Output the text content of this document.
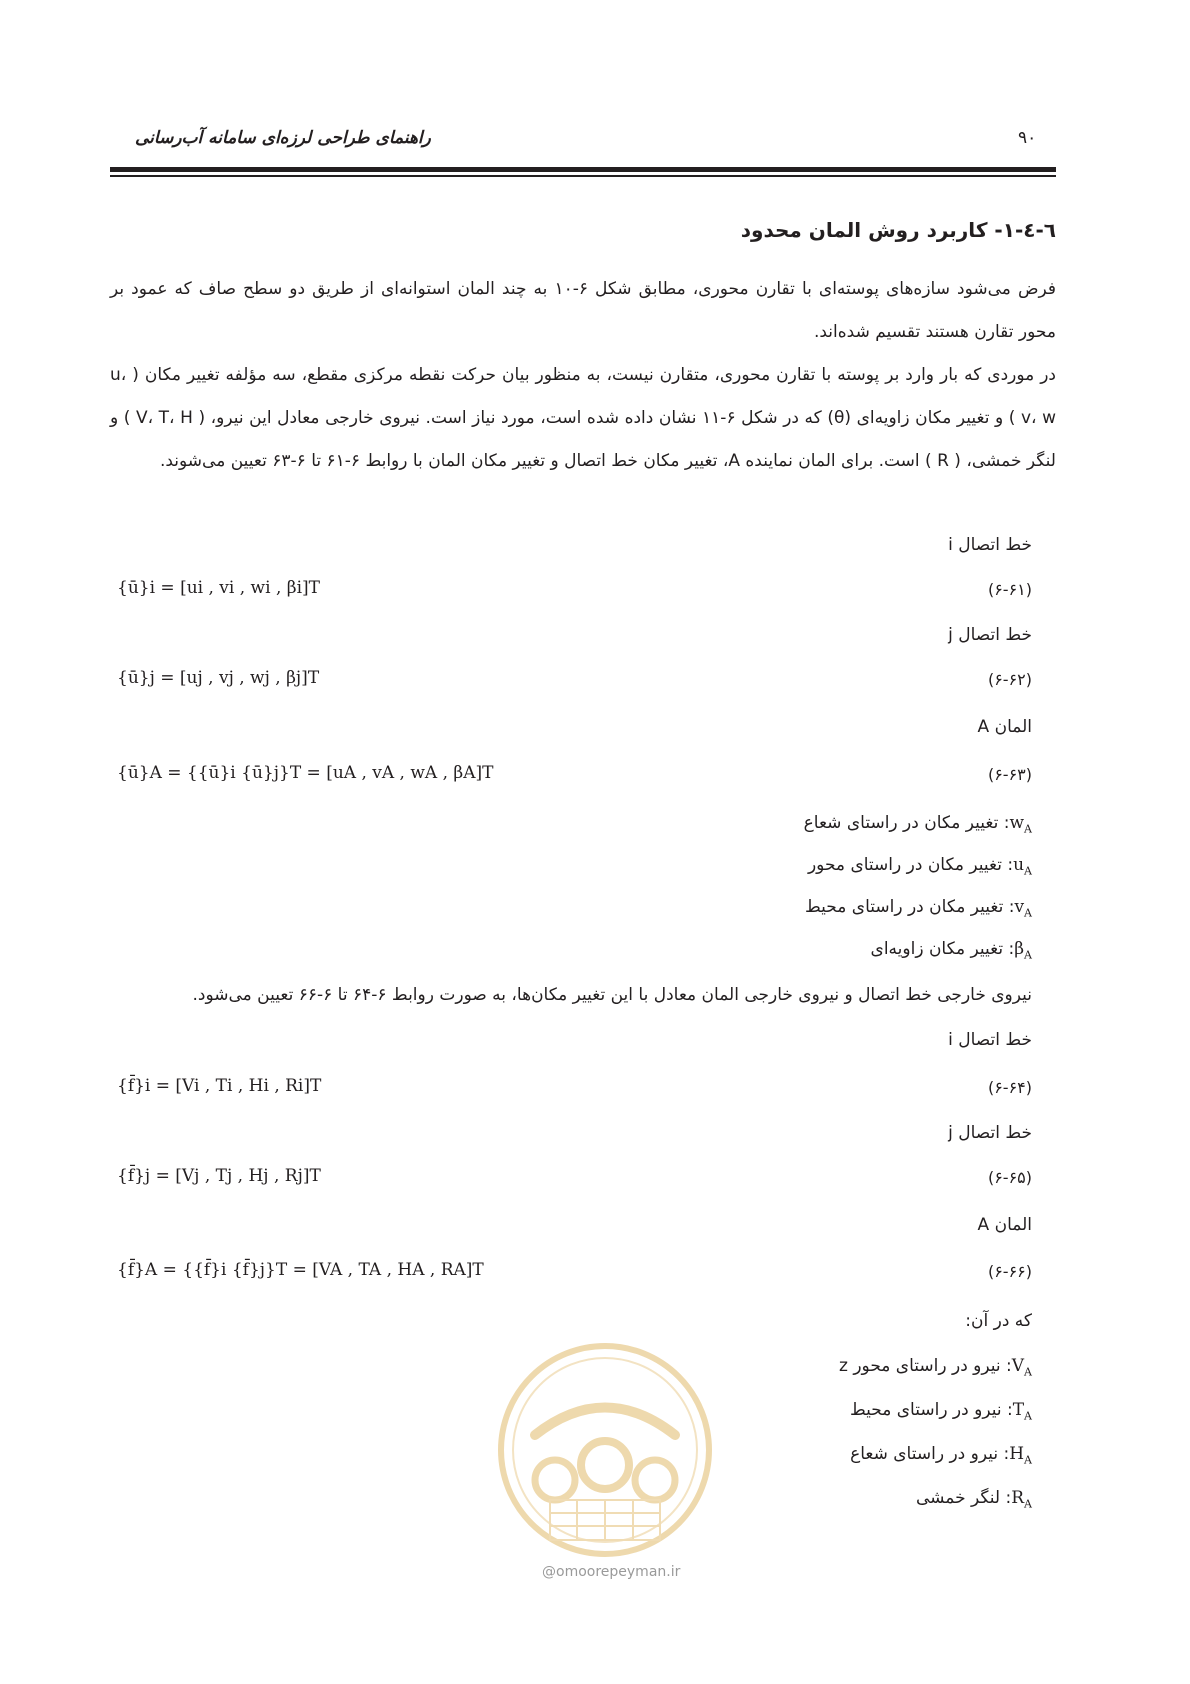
راهنمای طراحی لرزه‌ای سامانه آب‌رسانی	۹۰
٦-٤-١- کاربرد روش المان محدود
فرض می‌شود سازه‌های پوسته‌ای با تقارن محوری، مطابق شکل ۶-۱۰ به چند المان استوانه‌ای از طریق دو سطح صاف که عمود بر محور تقارن هستند تقسیم شده‌اند.
در موردی که بار وارد بر پوسته با تقارن محوری، متقارن نیست، به منظور بیان حرکت نقطه مرکزی مقطع، سه مؤلفه تغییر مکان ( u، v، w ) و تغییر مکان زاویه‌ای (θ) که در شکل ۶-۱۱ نشان داده شده است، مورد نیاز است. نیروی خارجی معادل این نیرو، ( V، T، H ) و لنگر خمشی، ( R ) است. برای المان نماینده A، تغییر مکان خط اتصال و تغییر مکان المان با روابط ۶-۶۱ تا ۶-۶۳ تعیین می‌شوند.
خط اتصال i
(۶-۶۱)
{ū}i = [ui , vi , wi , βi]T
خط اتصال j
(۶-۶۲)
{ū}j = [uj , vj , wj , βj]T
المان A
(۶-۶۳)
{ū}A = {{ū}i {ū}j}T = [uA , vA , wA , βA]T
$w_A$: تغییر مکان در راستای شعاع
$u_A$: تغییر مکان در راستای محور
$v_A$: تغییر مکان در راستای محیط
$\beta_A$: تغییر مکان زاویه‌ای
نیروی خارجی خط اتصال و نیروی خارجی المان معادل با این تغییر مکان‌ها، به صورت روابط ۶-۶۴ تا ۶-۶۶ تعیین می‌شود.
خط اتصال i
(۶-۶۴)
{f̄}i = [Vi , Ti , Hi , Ri]T
خط اتصال j
(۶-۶۵)
{f̄}j = [Vj , Tj , Hj , Rj]T
المان A
(۶-۶۶)
{f̄}A = {{f̄}i {f̄}j}T = [VA , TA , HA , RA]T
که در آن:
$V_A$: نیرو در راستای محور z
$T_A$: نیرو در راستای محیط
$H_A$: نیرو در راستای شعاع
$R_A$: لنگر خمشی
@omoorepeyman.ir
